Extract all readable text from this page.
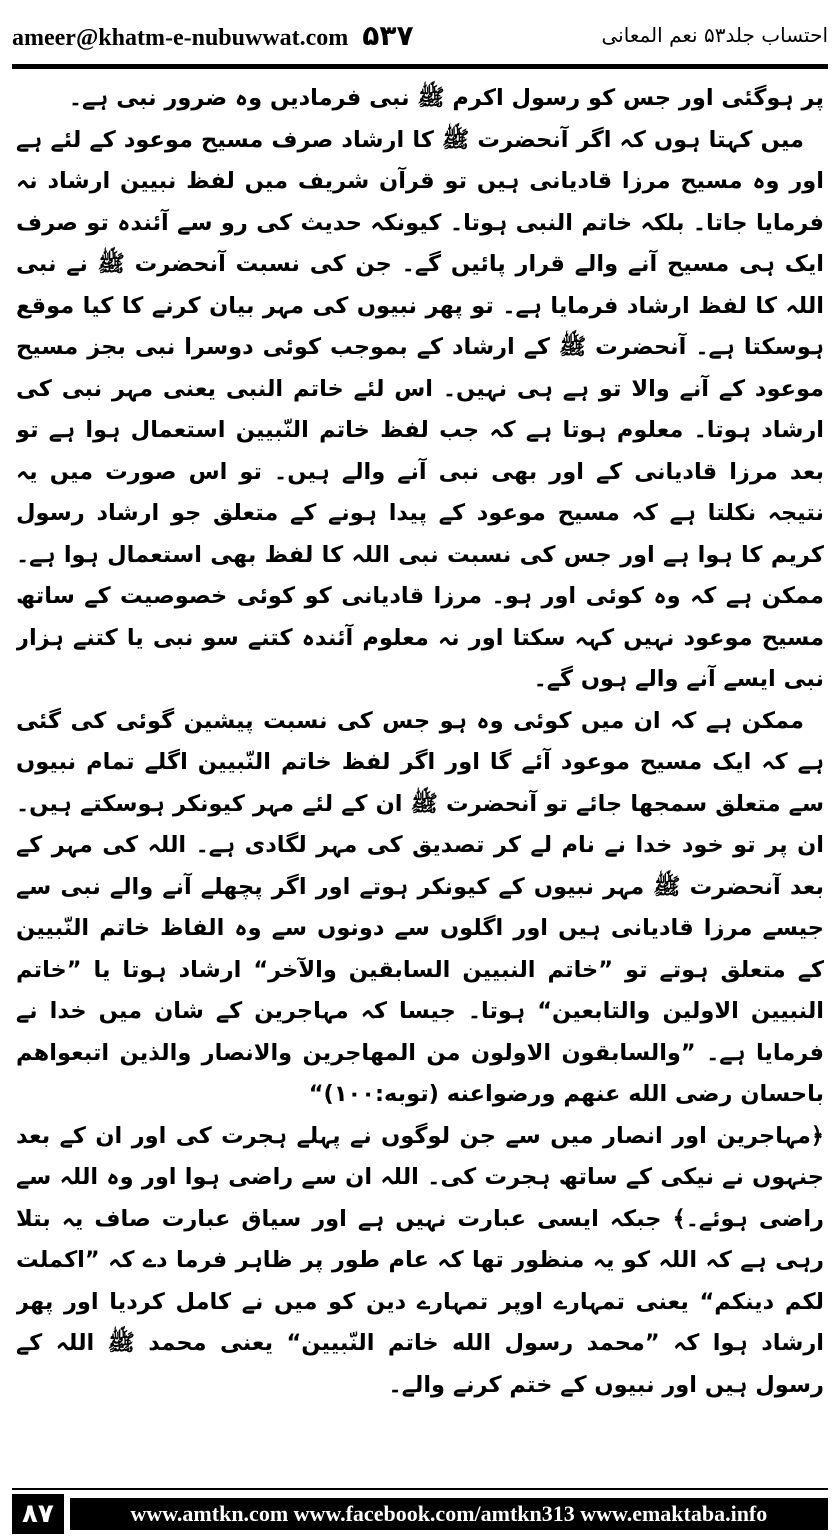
ameer@khatm-e-nubuwwat.com ۵۳۷	احتساب جلد۵۳ نعم المعانی

پر ہوگئی اور جس کو رسول اکرم ﷺ نبی فرمادیں وہ ضرور نبی ہے۔

میں کہتا ہوں کہ اگر آنحضرت ﷺ کا ارشاد صرف مسیح موعود کے لئے ہے اور وہ مسیح مرزا قادیانی ہیں تو قرآن شریف میں لفظ نبیین ارشاد نہ فرمایا جاتا۔ بلکہ خاتم النبی ہوتا۔ کیونکہ حدیث کی رو سے آئندہ تو صرف ایک ہی مسیح آنے والے قرار پائیں گے۔ جن کی نسبت آنحضرت ﷺ نے نبی اللہ کا لفظ ارشاد فرمایا ہے۔ تو پھر نبیوں کی مہر بیان کرنے کا کیا موقع ہوسکتا ہے۔ آنحضرت ﷺ کے ارشاد کے بموجب کوئی دوسرا نبی بجز مسیح موعود کے آنے والا تو ہے ہی نہیں۔ اس لئے خاتم النبی یعنی مہر نبی کی ارشاد ہوتا۔ معلوم ہوتا ہے کہ جب لفظ خاتم النّبیین استعمال ہوا ہے تو بعد مرزا قادیانی کے اور بھی نبی آنے والے ہیں۔ تو اس صورت میں یہ نتیجہ نکلتا ہے کہ مسیح موعود کے پیدا ہونے کے متعلق جو ارشاد رسول کریم کا ہوا ہے اور جس کی نسبت نبی اللہ کا لفظ بھی استعمال ہوا ہے۔ ممکن ہے کہ وہ کوئی اور ہو۔ مرزا قادیانی کو کوئی خصوصیت کے ساتھ مسیح موعود نہیں کہہ سکتا اور نہ معلوم آئندہ کتنے سو نبی یا کتنے ہزار نبی ایسے آنے والے ہوں گے۔

ممکن ہے کہ ان میں کوئی وہ ہو جس کی نسبت پیشین گوئی کی گئی ہے کہ ایک مسیح موعود آئے گا اور اگر لفظ خاتم النّبیین اگلے تمام نبیوں سے متعلق سمجھا جائے تو آنحضرت ﷺ ان کے لئے مہر کیونکر ہوسکتے ہیں۔ ان پر تو خود خدا نے نام لے کر تصدیق کی مہر لگادی ہے۔ اللہ کی مہر کے بعد آنحضرت ﷺ مہر نبیوں کے کیونکر ہوتے اور اگر پچھلے آنے والے نبی سے جیسے مرزا قادیانی ہیں اور اگلوں سے دونوں سے وہ الفاظ خاتم النّبیین کے متعلق ہوتے تو ”خاتم النبیین السابقین والآخر“ ارشاد ہوتا یا ”خاتم النبیین الاولین والتابعین“ ہوتا۔ جیسا کہ مہاجرین کے شان میں خدا نے فرمایا ہے۔ ”والسابقون الاولون من المهاجرین والانصار والذین اتبعواهم باحسان رضی الله عنهم ورضواعنه (توبه:۱۰۰)“

﴿مہاجرین اور انصار میں سے جن لوگوں نے پہلے ہجرت کی اور ان کے بعد جنہوں نے نیکی کے ساتھ ہجرت کی۔ اللہ ان سے راضی ہوا اور وہ اللہ سے راضی ہوئے۔﴾ جبکہ ایسی عبارت نہیں ہے اور سیاق عبارت صاف یہ بتلا رہی ہے کہ اللہ کو یہ منظور تھا کہ عام طور پر ظاہر فرما دے کہ ”اکملت لکم دینکم“ یعنی تمہارے اوپر تمہارے دین کو میں نے کامل کردیا اور پھر ارشاد ہوا کہ ”محمد رسول الله خاتم النّبیین“ یعنی محمد ﷺ اللہ کے رسول ہیں اور نبیوں کے ختم کرنے والے۔

۸۷	www.amtkn.com www.facebook.com/amtkn313 www.emaktaba.info
